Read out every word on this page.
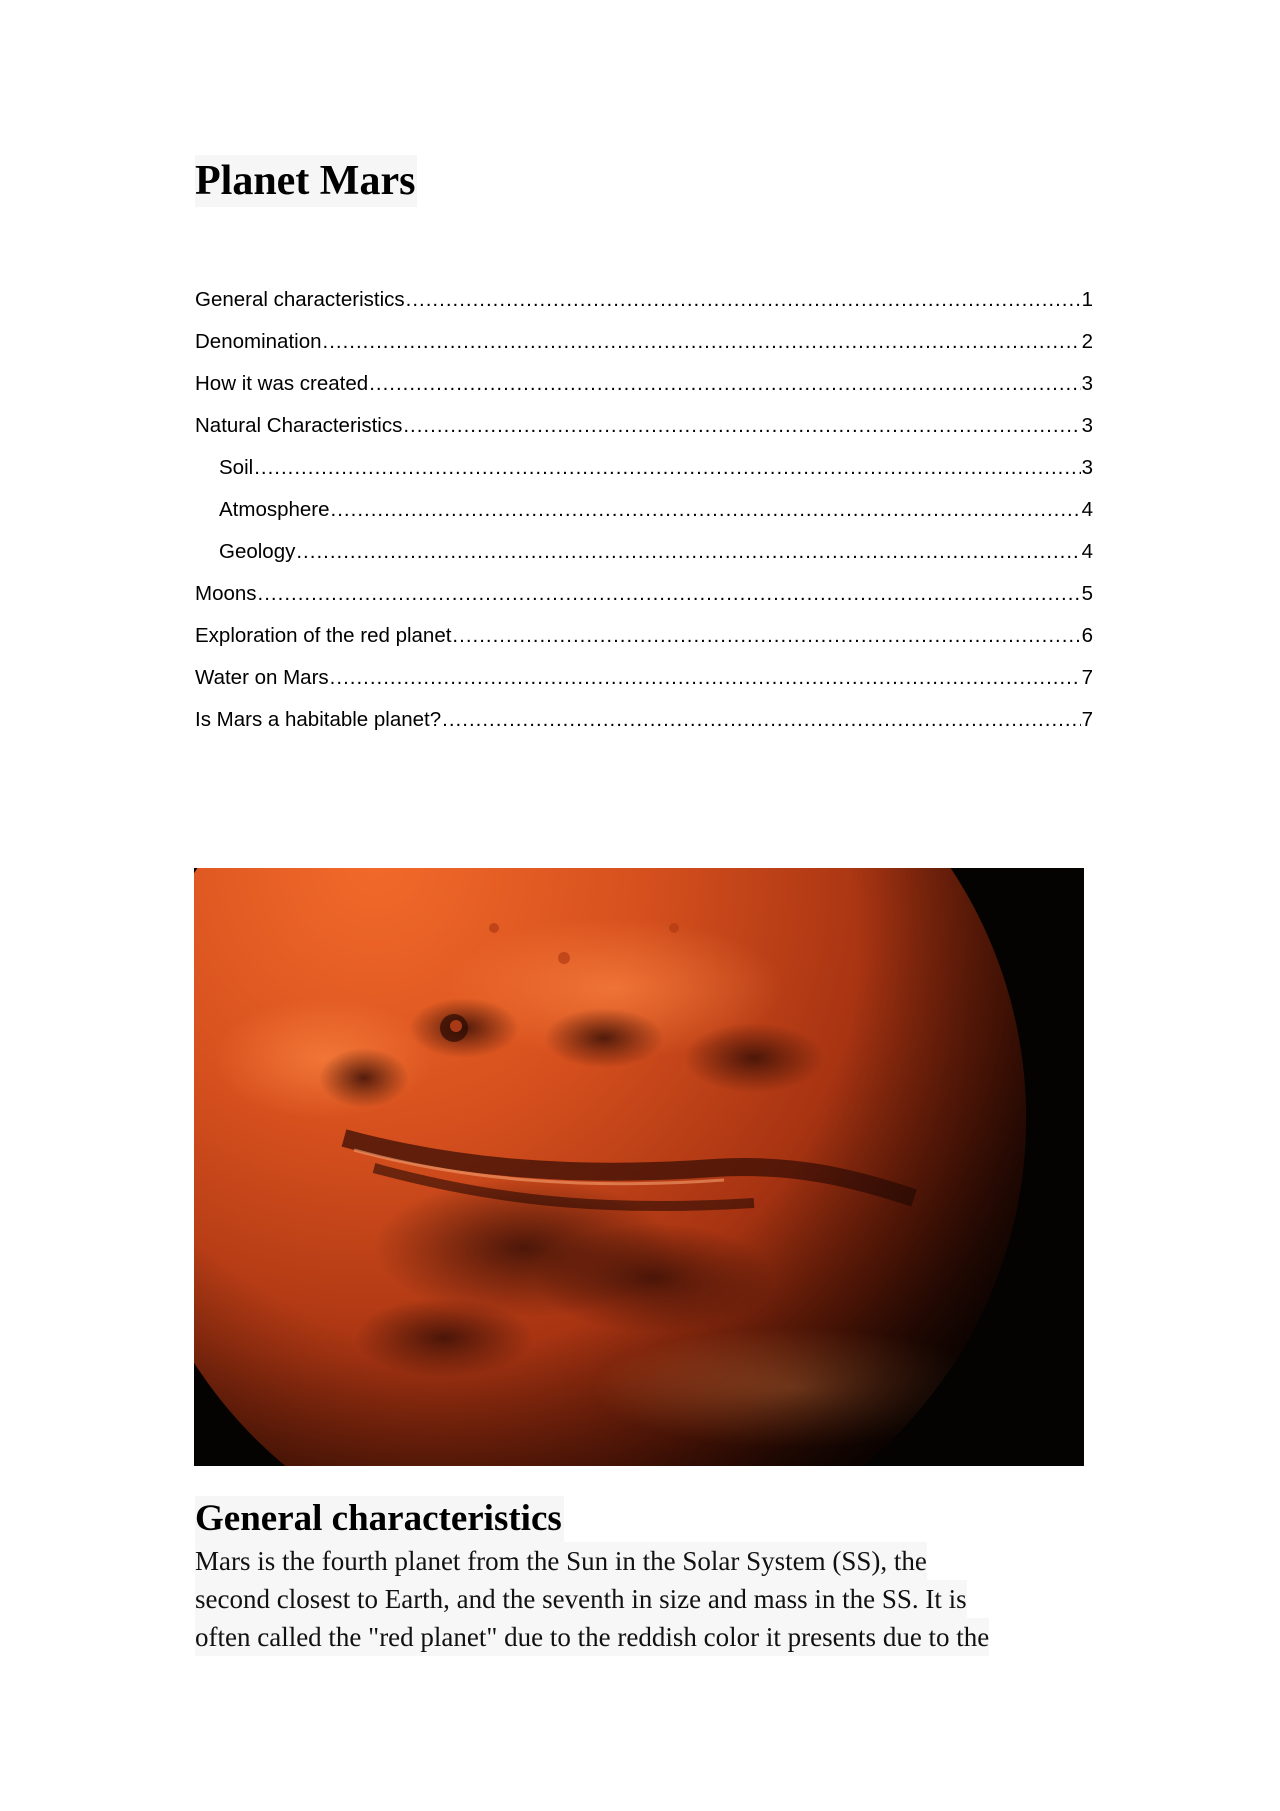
Planet Mars
General characteristics .....	1
Denomination .....	2
How it was created .....	3
Natural Characteristics .....	3
Soil .....	3
Atmosphere .....	4
Geology .....	4
Moons .....	5
Exploration of the red planet .....	6
Water on Mars .....	7
Is Mars a habitable planet? .....	7
General characteristics
Mars is the fourth planet from the Sun in the Solar System (SS), the
second closest to Earth, and the seventh in size and mass in the SS. It is
often called the "red planet" due to the reddish color it presents due to the
